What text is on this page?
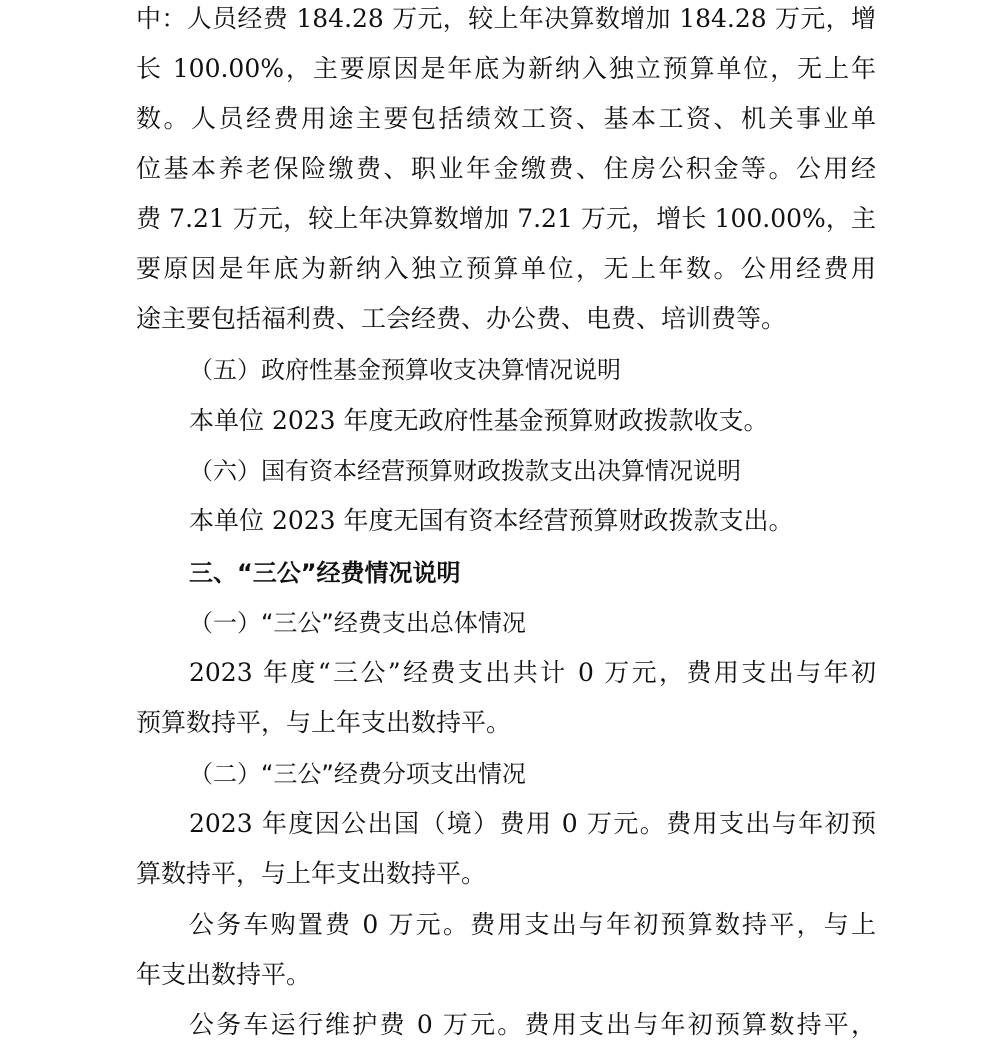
中：人员经费 184.28 万元，较上年决算数增加 184.28 万元，增
长 100.00%，主要原因是年底为新纳入独立预算单位，无上年
数。人员经费用途主要包括绩效工资、基本工资、机关事业单
位基本养老保险缴费、职业年金缴费、住房公积金等。公用经
费 7.21 万元，较上年决算数增加 7.21 万元，增长 100.00%，主
要原因是年底为新纳入独立预算单位，无上年数。公用经费用
途主要包括福利费、工会经费、办公费、电费、培训费等。
（五）政府性基金预算收支决算情况说明
本单位 2023 年度无政府性基金预算财政拨款收支。
（六）国有资本经营预算财政拨款支出决算情况说明
本单位 2023 年度无国有资本经营预算财政拨款支出。
三、“三公”经费情况说明
（一）“三公”经费支出总体情况
2023 年度“三公”经费支出共计 0 万元，费用支出与年初
预算数持平，与上年支出数持平。
（二）“三公”经费分项支出情况
2023 年度因公出国（境）费用 0 万元。费用支出与年初预
算数持平，与上年支出数持平。
公务车购置费 0 万元。费用支出与年初预算数持平，与上
年支出数持平。
公务车运行维护费 0 万元。费用支出与年初预算数持平，
